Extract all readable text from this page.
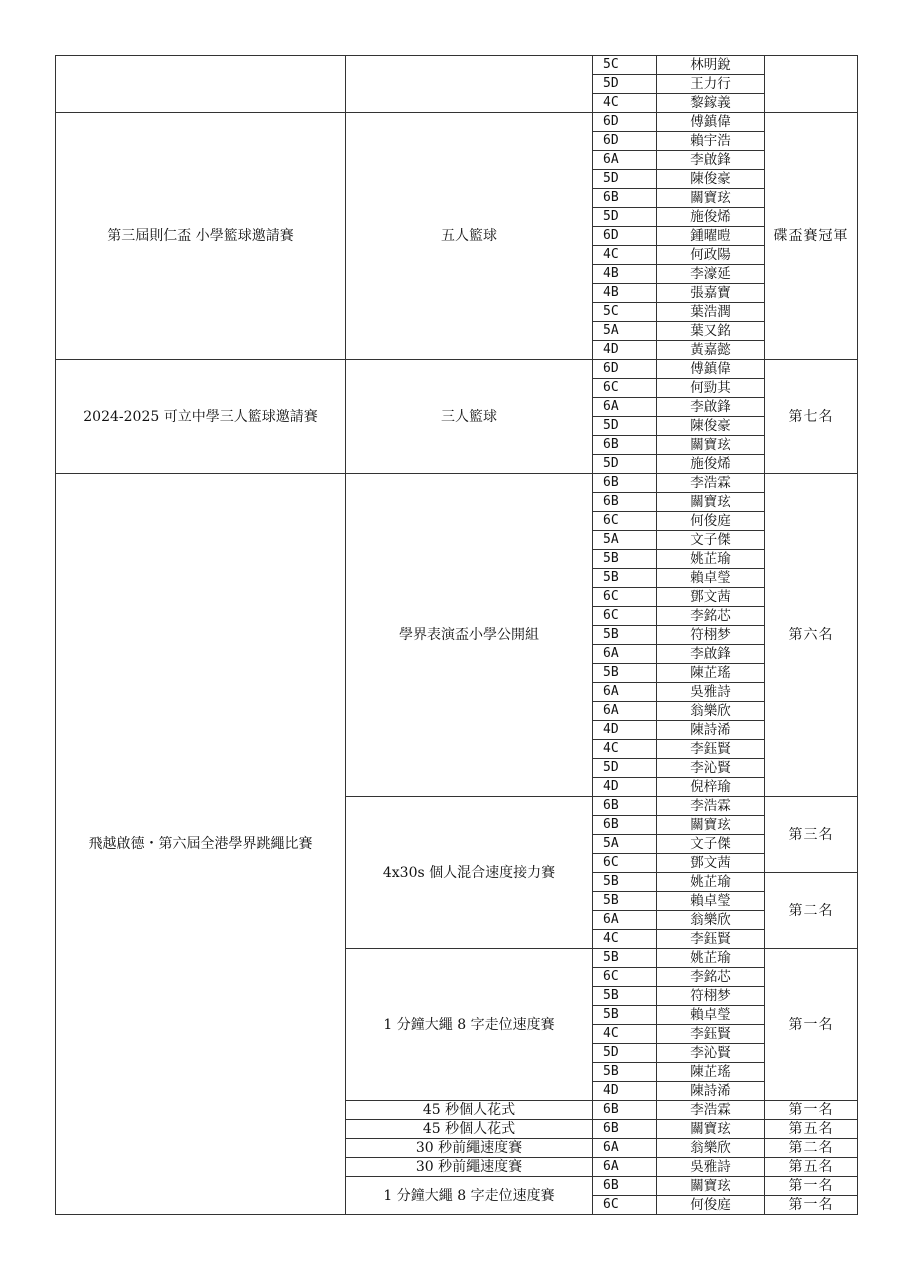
		5C	林明銳	
		5D	王力行	
		4C	黎鎵義	
第三屆則仁盃 小學籃球邀請賽	五人籃球	6D	傅鎮偉	碟盃賽冠軍
		6D	賴宇浩	
		6A	李啟鋒	
		5D	陳俊豪	
		6B	關寶玹	
		5D	施俊烯	
		6D	鍾曜暟	
		4C	何政陽	
		4B	李濠延	
		4B	張嘉寶	
		5C	葉浩潤	
		5A	葉又銘	
		4D	黃嘉懿	
2024-2025 可立中學三人籃球邀請賽	三人籃球	6D	傅鎮偉	第七名
		6C	何勁其	
		6A	李啟鋒	
		5D	陳俊豪	
		6B	關寶玹	
		5D	施俊烯	
飛越啟德・第六屆全港學界跳繩比賽	學界表演盃小學公開組	6B	李浩霖	第六名
		6B	關寶玹	
		6C	何俊庭	
		5A	文子傑	
		5B	姚芷瑜	
		5B	賴卓瑩	
		6C	鄧文茜	
		6C	李銘芯	
		5B	符栩梦	
		6A	李啟鋒	
		5B	陳芷瑤	
		6A	吳雅詩	
		6A	翁樂欣	
		4D	陳詩浠	
		4C	李鈺賢	
		5D	李沁賢	
		4D	倪梓瑜	
	4x30s 個人混合速度接力賽	6B	李浩霖	第三名
		6B	關寶玹	
		5A	文子傑	
		6C	鄧文茜	
		5B	姚芷瑜	第二名
		5B	賴卓瑩	
		6A	翁樂欣	
		4C	李鈺賢	
	1 分鐘大繩 8 字走位速度賽	5B	姚芷瑜	第一名
		6C	李銘芯	
		5B	符栩梦	
		5B	賴卓瑩	
		4C	李鈺賢	
		5D	李沁賢	
		5B	陳芷瑤	
		4D	陳詩浠	
	45 秒個人花式	6B	李浩霖	第一名
	45 秒個人花式	6B	關寶玹	第五名
	30 秒前繩速度賽	6A	翁樂欣	第二名
	30 秒前繩速度賽	6A	吳雅詩	第五名
	1 分鐘大繩 8 字走位速度賽	6B	關寶玹	第一名
		6C	何俊庭	第一名
